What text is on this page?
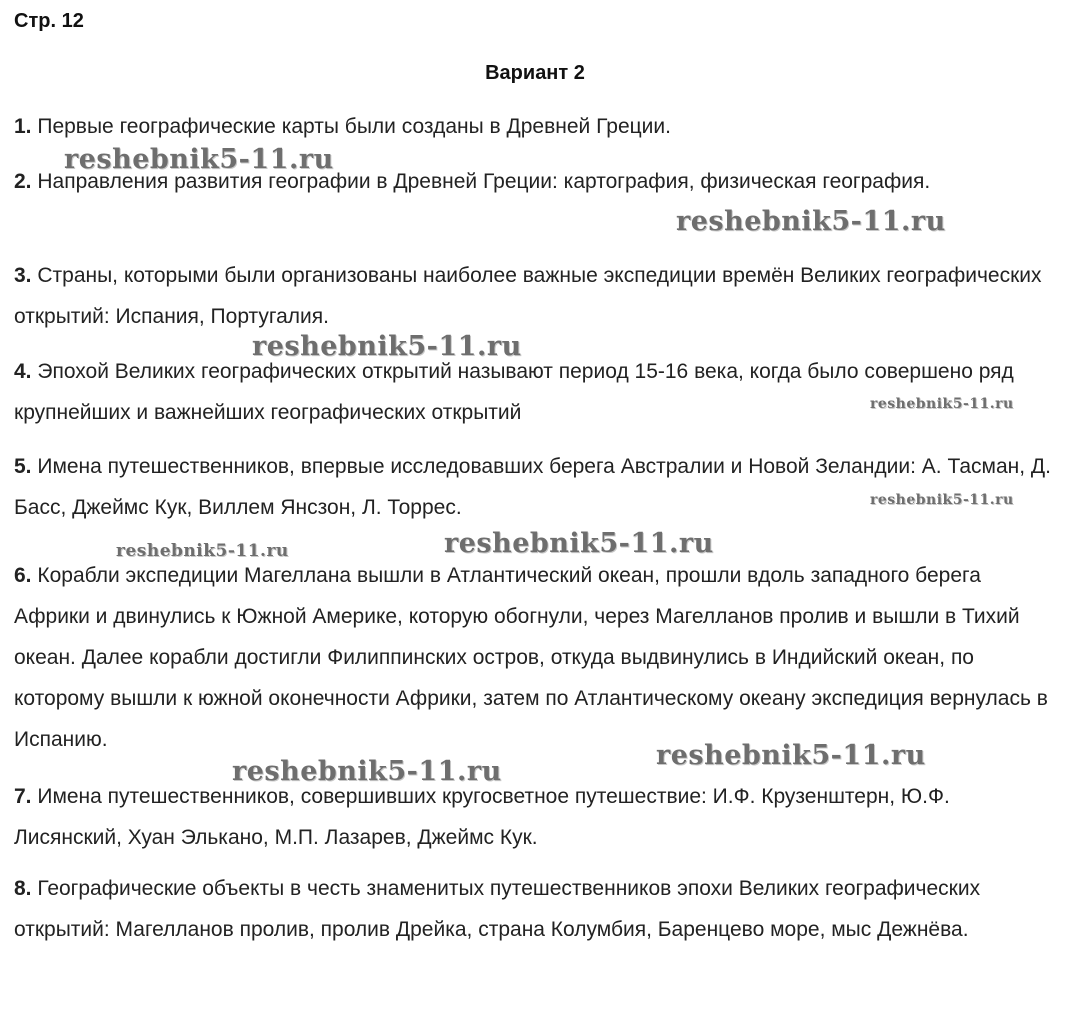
Стр. 12
Вариант 2

1. Первые географические карты были созданы в Древней Греции.

2. Направления развития географии в Древней Греции: картография, физическая география.

3. Страны, которыми были организованы наиболее важные экспедиции времён Великих географических открытий: Испания, Португалия.

4. Эпохой Великих географических открытий называют период 15-16 века, когда было совершено ряд крупнейших и важнейших географических открытий

5. Имена путешественников, впервые исследовавших берега Австралии и Новой Зеландии: А. Тасман, Д. Басс, Джеймс Кук, Виллем Янсзон, Л. Торрес.

6. Корабли экспедиции Магеллана вышли в Атлантический океан, прошли вдоль западного берега Африки и двинулись к Южной Америке, которую обогнули, через Магелланов пролив и вышли в Тихий океан. Далее корабли достигли Филиппинских остров, откуда выдвинулись в Индийский океан, по которому вышли к южной оконечности Африки, затем по Атлантическому океану экспедиция вернулась в Испанию.

7. Имена путешественников, совершивших кругосветное путешествие: И.Ф. Крузенштерн, Ю.Ф. Лисянский, Хуан Элькано, М.П. Лазарев, Джеймс Кук.

8. Географические объекты в честь знаменитых путешественников эпохи Великих географических открытий: Магелланов пролив, пролив Дрейка, страна Колумбия, Баренцево море, мыс Дежнёва.

reshebnik5-11.ru
reshebnik5-11.ru
reshebnik5-11.ru
reshebnik5-11.ru
reshebnik5-11.ru
reshebnik5-11.ru	reshebnik5-11.ru
reshebnik5-11.ru
reshebnik5-11.ru
